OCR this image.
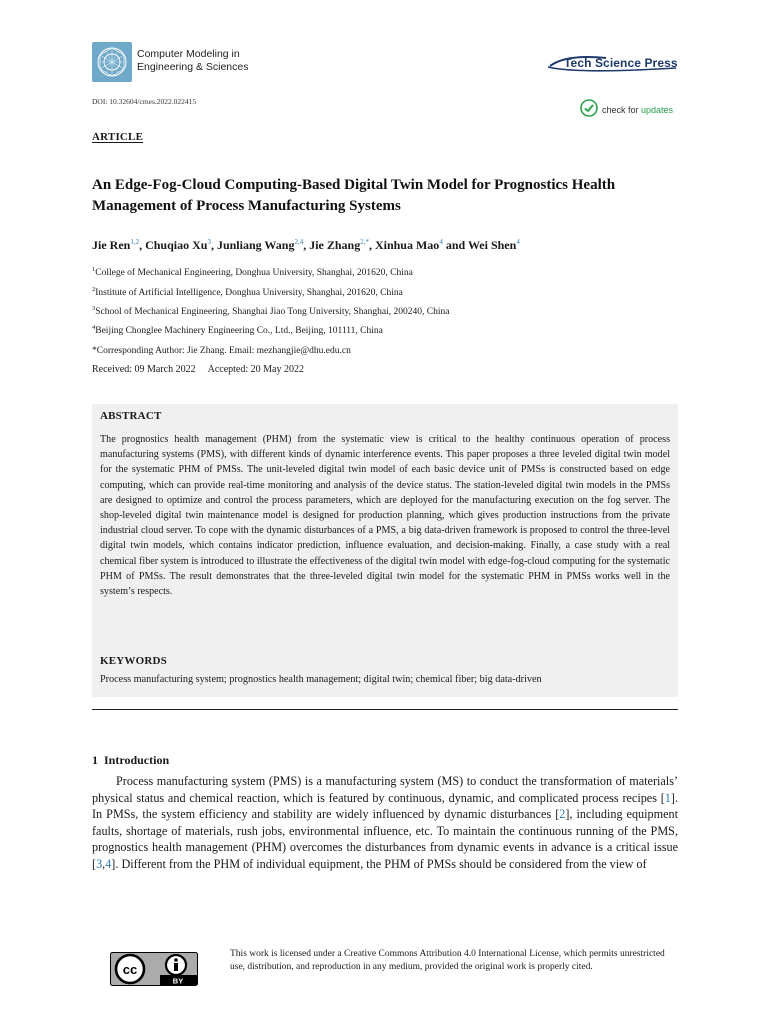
Computer Modeling in
Engineering & Sciences	Tech Science Press
DOI: 10.32604/cmes.2022.022415
check for updates
ARTICLE
An Edge-Fog-Cloud Computing-Based Digital Twin Model for Prognostics Health Management of Process Manufacturing Systems
Jie Ren$^{1,2}$, Chuqiao Xu$^3$, Junliang Wang$^{2,4}$, Jie Zhang$^{2,*}$, Xinhua Mao$^4$ and Wei Shen$^4$
$^1$College of Mechanical Engineering, Donghua University, Shanghai, 201620, China
$^2$Institute of Artificial Intelligence, Donghua University, Shanghai, 201620, China
$^3$School of Mechanical Engineering, Shanghai Jiao Tong University, Shanghai, 200240, China
$^4$Beijing Chonglee Machinery Engineering Co., Ltd., Beijing, 101111, China
*Corresponding Author: Jie Zhang. Email: mezhangjie@dhu.edu.cn
Received: 09 March 2022 Accepted: 20 May 2022
ABSTRACT
The prognostics health management (PHM) from the systematic view is critical to the healthy continuous operation of process manufacturing systems (PMS), with different kinds of dynamic interference events. This paper proposes a three leveled digital twin model for the systematic PHM of PMSs. The unit-leveled digital twin model of each basic device unit of PMSs is constructed based on edge computing, which can provide real-time monitoring and analysis of the device status. The station-leveled digital twin models in the PMSs are designed to optimize and control the process parameters, which are deployed for the manufacturing execution on the fog server. The shop-leveled digital twin maintenance model is designed for production planning, which gives production instructions from the private industrial cloud server. To cope with the dynamic disturbances of a PMS, a big data-driven framework is proposed to control the three-level digital twin models, which contains indicator prediction, influence evaluation, and decision-making. Finally, a case study with a real chemical fiber system is introduced to illustrate the effectiveness of the digital twin model with edge-fog-cloud computing for the systematic PHM of PMSs. The result demonstrates that the three-leveled digital twin model for the systematic PHM in PMSs works well in the system’s respects.
KEYWORDS
Process manufacturing system; prognostics health management; digital twin; chemical fiber; big data-driven
1  Introduction
Process manufacturing system (PMS) is a manufacturing system (MS) to conduct the transformation of materials’ physical status and chemical reaction, which is featured by continuous, dynamic, and complicated process recipes [1]. In PMSs, the system efficiency and stability are widely influenced by dynamic disturbances [2], including equipment faults, shortage of materials, rush jobs, environmental influence, etc. To maintain the continuous running of the PMS, prognostics health management (PHM) overcomes the disturbances from dynamic events in advance is a critical issue [3,4]. Different from the PHM of individual equipment, the PHM of PMSs should be considered from the view of
cc
BY
This work is licensed under a Creative Commons Attribution 4.0 International License, which permits unrestricted use, distribution, and reproduction in any medium, provided the original work is properly cited.
